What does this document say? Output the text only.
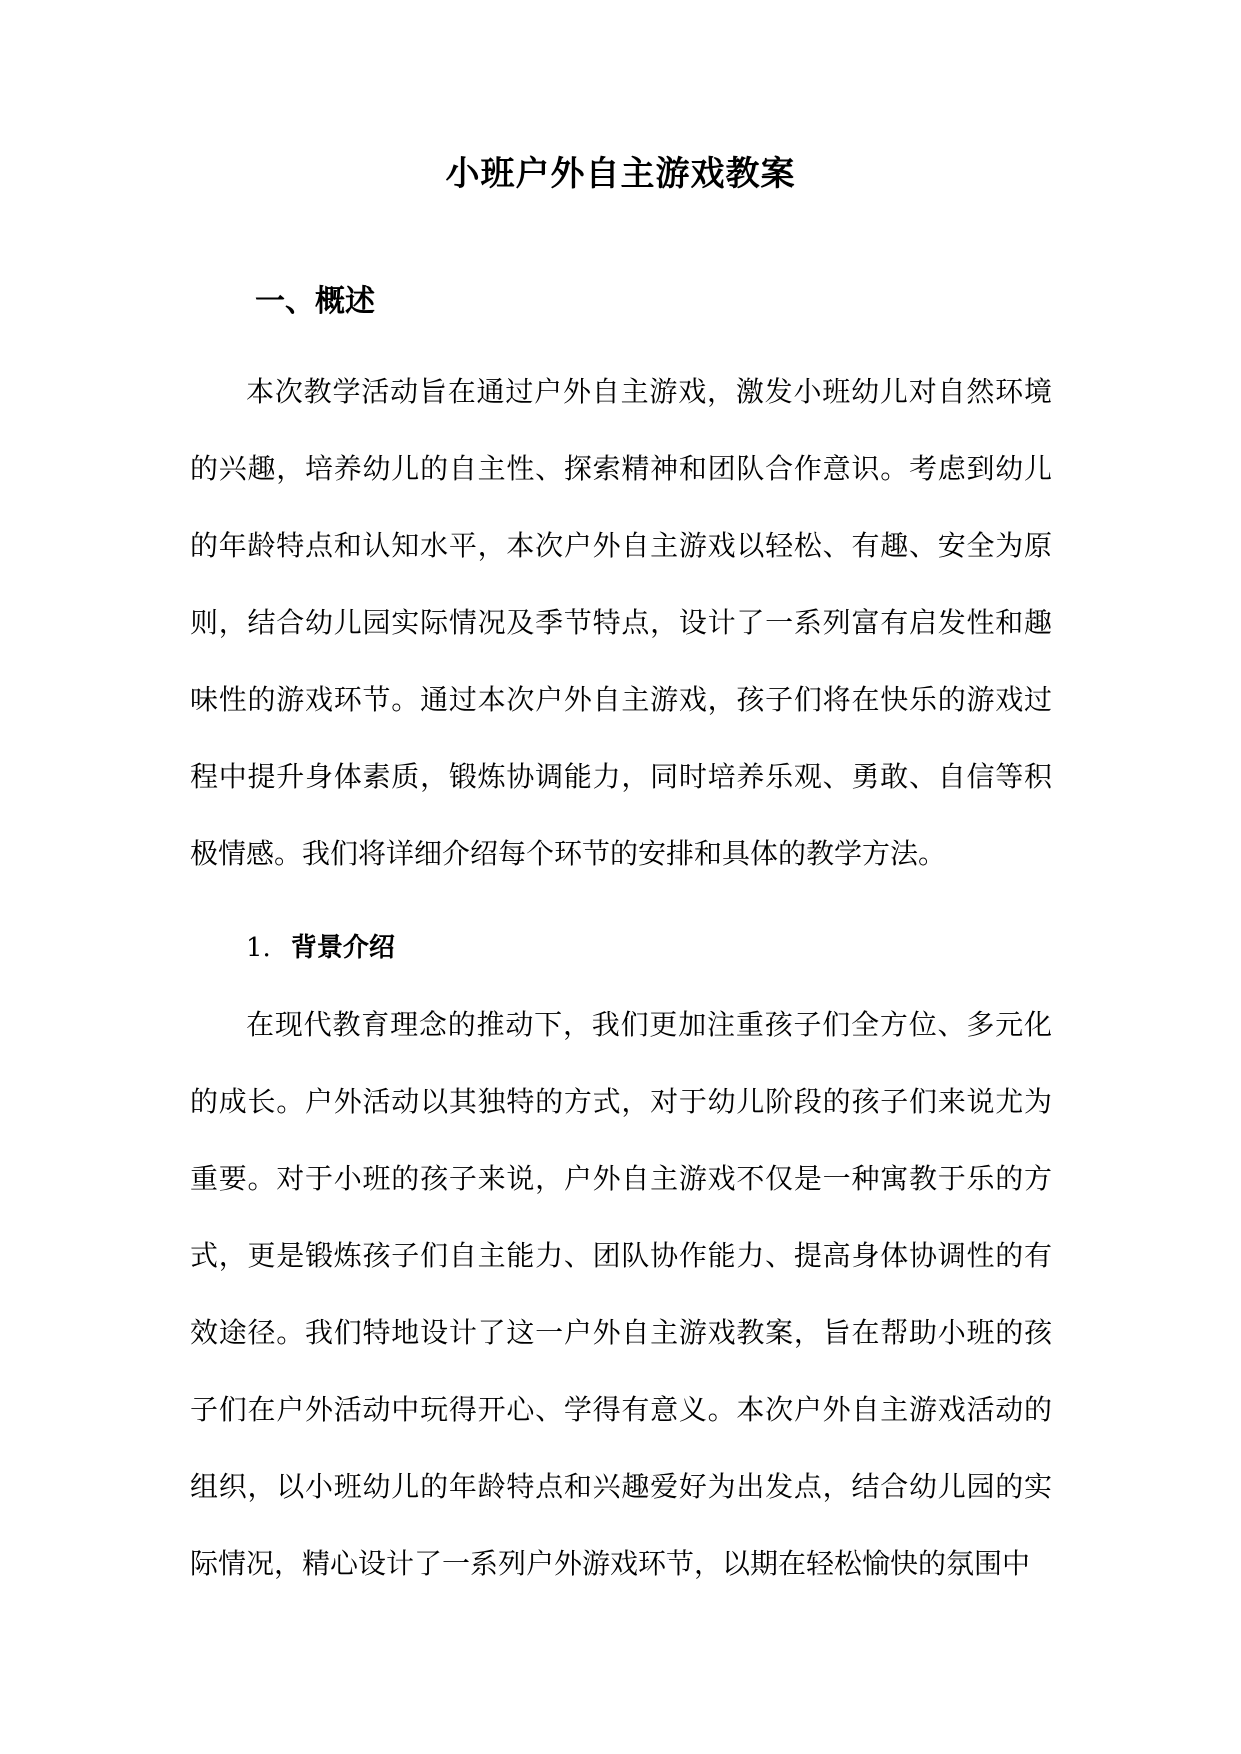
小班户外自主游戏教案
一、概述

本次教学活动旨在通过户外自主游戏，激发小班幼儿对自然环境的兴趣，培养幼儿的自主性、探索精神和团队合作意识。考虑到幼儿的年龄特点和认知水平，本次户外自主游戏以轻松、有趣、安全为原则，结合幼儿园实际情况及季节特点，设计了一系列富有启发性和趣味性的游戏环节。通过本次户外自主游戏，孩子们将在快乐的游戏过程中提升身体素质，锻炼协调能力，同时培养乐观、勇敢、自信等积极情感。我们将详细介绍每个环节的安排和具体的教学方法。

1. 背景介绍

在现代教育理念的推动下，我们更加注重孩子们全方位、多元化的成长。户外活动以其独特的方式，对于幼儿阶段的孩子们来说尤为重要。对于小班的孩子来说，户外自主游戏不仅是一种寓教于乐的方式，更是锻炼孩子们自主能力、团队协作能力、提高身体协调性的有效途径。我们特地设计了这一户外自主游戏教案，旨在帮助小班的孩子们在户外活动中玩得开心、学得有意义。本次户外自主游戏活动的组织，以小班幼儿的年龄特点和兴趣爱好为出发点，结合幼儿园的实际情况，精心设计了一系列户外游戏环节，以期在轻松愉快的氛围中
